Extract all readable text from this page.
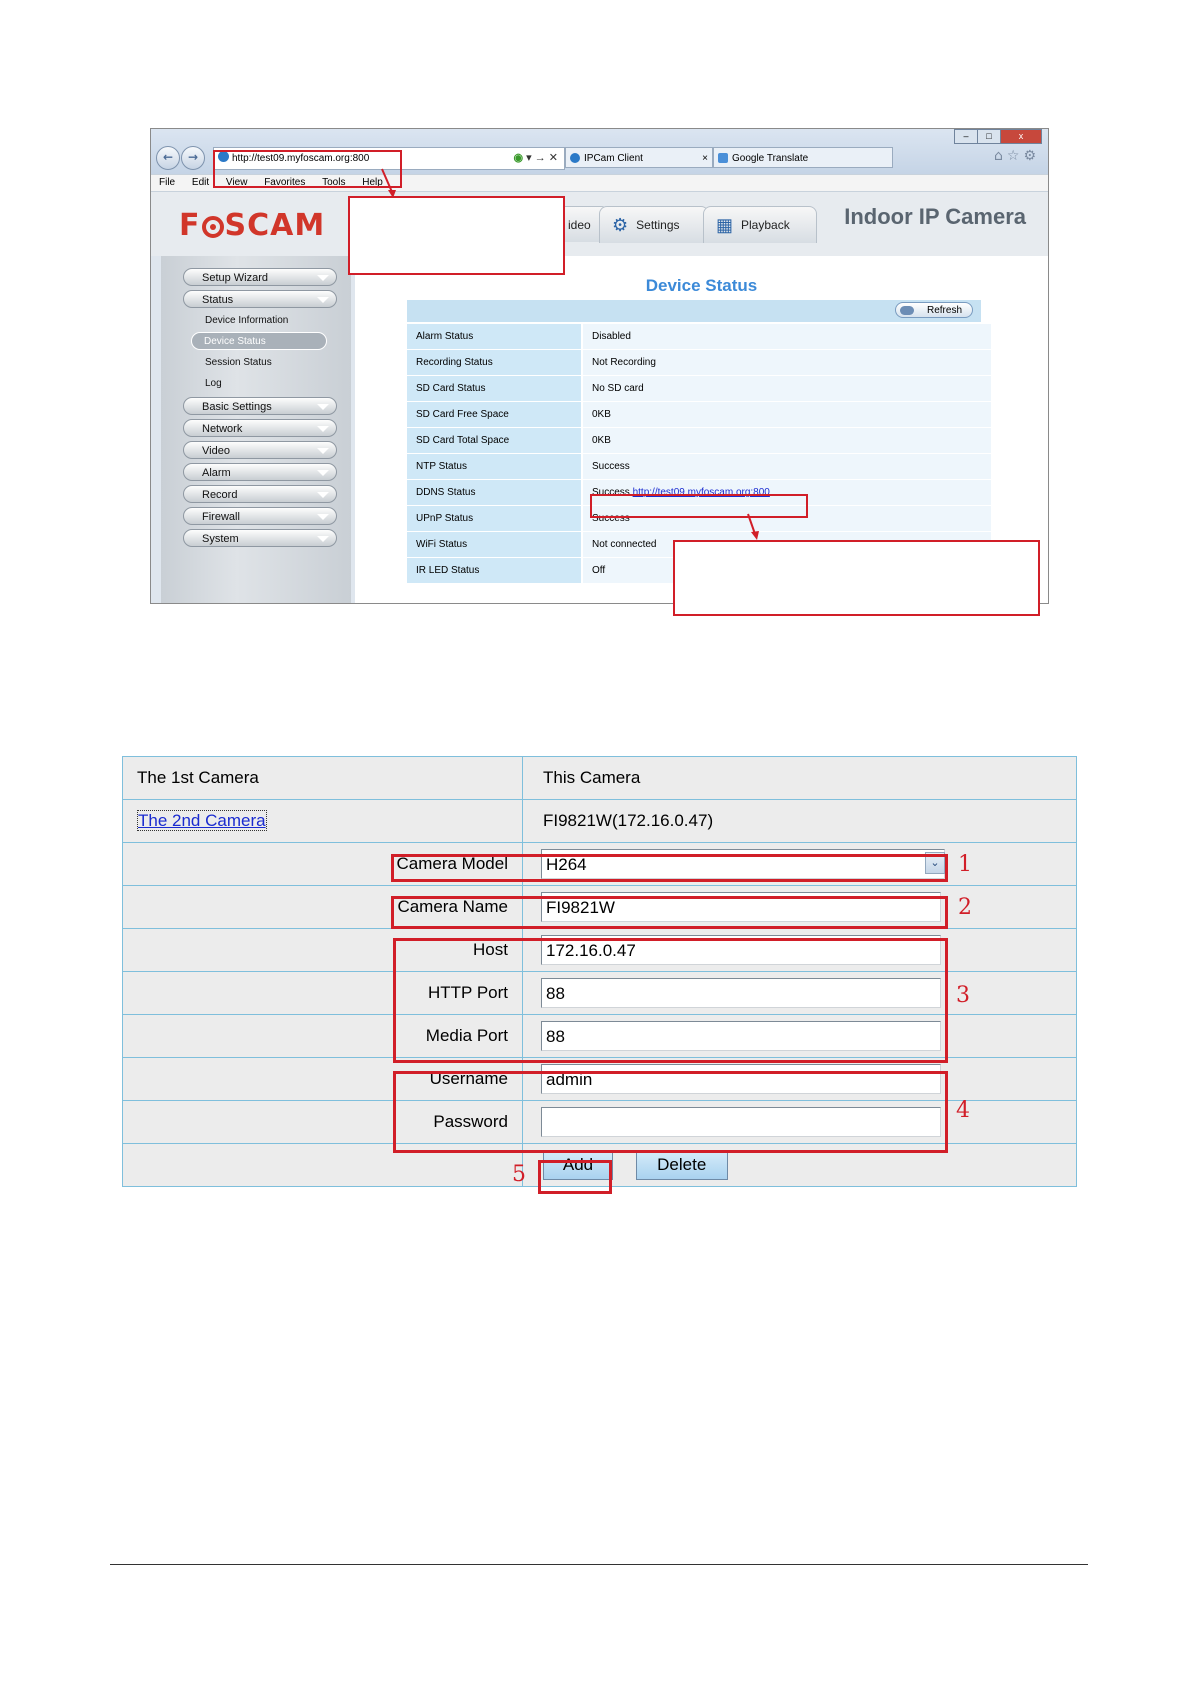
←	→	http://test09.myfoscam.org:800	◉ ▾ → ✕	IPCam Client	×	Google Translate
– □	x
⌂☆⚙
File Edit View Favorites Tools Help
F SCAM	ideo	⚙ Settings	▦ Playback	Indoor IP Camera
Setup Wizard
Status
Device Information
Device Status
Session Status
Log
Basic Settings
Network
Video
Alarm
Record
Firewall
System
Device Status
Refresh
Alarm Status	Disabled
Recording Status	Not Recording
SD Card Status	No SD card
SD Card Free Space	0KB
SD Card Total Space	0KB
NTP Status	Success
DDNS Status	Success http://test09.myfoscam.org:800
UPnP Status	Success
WiFi Status	Not connected
IR LED Status	Off
The 1st Camera	This Camera
The 2nd Camera	FI9821W(172.16.0.47)
Camera Model	H264 ⌄

Camera Name	FI9821W

Host	172.16.0.47

HTTP Port	88

Media Port	88

Username	admin

Password	

	Add Delete
1
2
3
4
5
